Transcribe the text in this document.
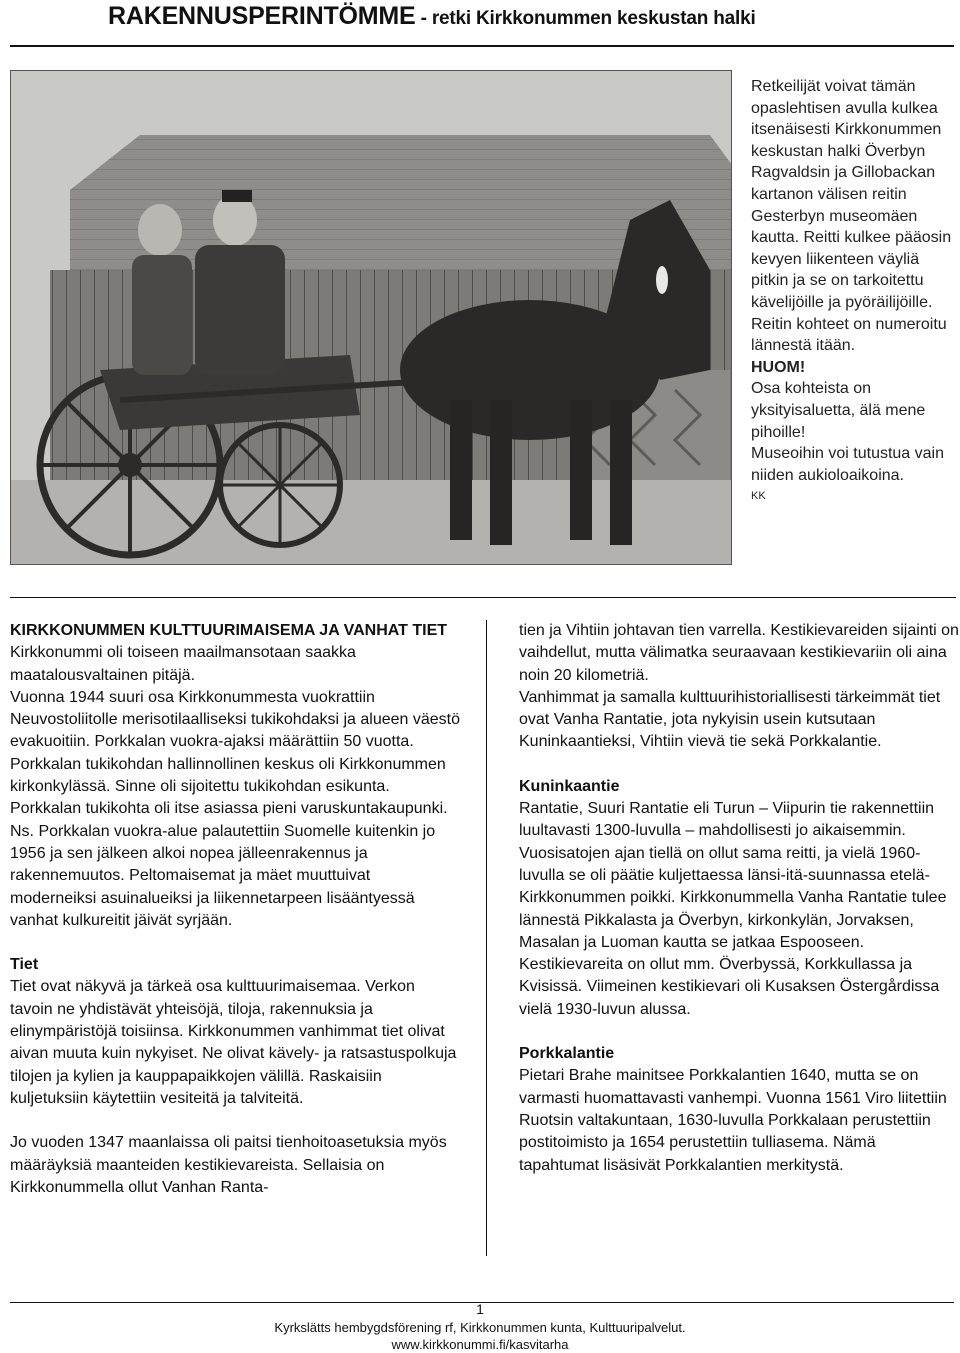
RAKENNUSPERINTÖMME - retki Kirkkonummen keskustan halki

Retkeilijät voivat tämän opaslehtisen avulla kulkea itsenäisesti Kirkkonummen keskustan halki Överbyn Ragvaldsin ja Gillobackan kartanon välisen reitin Gesterbyn museomäen kautta. Reitti kulkee pääosin kevyen liikenteen väyliä pitkin ja se on tarkoitettu kävelijöille ja pyöräilijöille.

Reitin kohteet on numeroitu lännestä itään.

HUOM!

Osa kohteista on yksityisaluetta, älä mene pihoille!

Museoihin voi tutustua vain niiden aukioloaikoina.

KK

KIRKKONUMMEN KULTTUURIMAISEMA JA VANHAT TIET

Kirkkonummi oli toiseen maailmansotaan saakka maatalousvaltainen pitäjä.

Vuonna 1944 suuri osa Kirkkonummesta vuokrattiin Neuvostoliitolle merisotilaalliseksi tukikohdaksi ja alueen väestö evakuoitiin. Porkkalan vuokra-ajaksi määrättiin 50 vuotta. Porkkalan tukikohdan hallinnollinen keskus oli Kirkkonummen kirkonkylässä. Sinne oli sijoitettu tukikohdan esikunta. Porkkalan tukikohta oli itse asiassa pieni varuskuntakaupunki. Ns. Porkkalan vuokra-alue palautettiin Suomelle kuitenkin jo 1956 ja sen jälkeen alkoi nopea jälleenrakennus ja rakennemuutos. Peltomaisemat ja mäet muuttuivat moderneiksi asuinalueiksi ja liikennetarpeen lisääntyessä vanhat kulkureitit jäivät syrjään.

Tiet

Tiet ovat näkyvä ja tärkeä osa kulttuurimaisemaa. Verkon tavoin ne yhdistävät yhteisöjä, tiloja, rakennuksia ja elinympäristöjä toisiinsa. Kirkkonummen vanhimmat tiet olivat aivan muuta kuin nykyiset. Ne olivat kävely- ja ratsastuspolkuja tilojen ja kylien ja kauppapaikkojen välillä. Raskaisiin kuljetuksiin käytettiin vesiteitä ja talviteitä.

Jo vuoden 1347 maanlaissa oli paitsi tienhoitoasetuksia myös määräyksiä maanteiden kestikievareista. Sellaisia on Kirkkonummella ollut Vanhan Ranta-

tien ja Vihtiin johtavan tien varrella. Kestikievareiden sijainti on vaihdellut, mutta välimatka seuraavaan kestikievariin oli aina noin 20 kilometriä.

Vanhimmat ja samalla kulttuurihistoriallisesti tärkeimmät tiet ovat Vanha Rantatie, jota nykyisin usein kutsutaan Kuninkaantieksi, Vihtiin vievä tie sekä Porkkalantie.

Kuninkaantie

Rantatie, Suuri Rantatie eli Turun – Viipurin tie rakennettiin luultavasti 1300-luvulla – mahdollisesti jo aikaisemmin. Vuosisatojen ajan tiellä on ollut sama reitti, ja vielä 1960-luvulla se oli päätie kuljettaessa länsi-itä-suunnassa etelä-Kirkkonummen poikki. Kirkkonummella Vanha Rantatie tulee lännestä Pikkalasta ja Överbyn, kirkonkylän, Jorvaksen, Masalan ja Luoman kautta se jatkaa Espooseen. Kestikievareita on ollut mm. Överbyssä, Korkkullassa ja Kvisissä. Viimeinen kestikievari oli Kusaksen Östergårdissa vielä 1930-luvun alussa.

Porkkalantie

Pietari Brahe mainitsee Porkkalantien 1640, mutta se on varmasti huomattavasti vanhempi. Vuonna 1561 Viro liitettiin Ruotsin valtakuntaan, 1630-luvulla Porkkalaan perustettiin postitoimisto ja 1654 perustettiin tulliasema. Nämä tapahtumat lisäsivät Porkkalantien merkitystä.

1
Kyrkslätts hembygdsförening rf, Kirkkonummen kunta, Kulttuuripalvelut.
www.kirkkonummi.fi/kasvitarha
